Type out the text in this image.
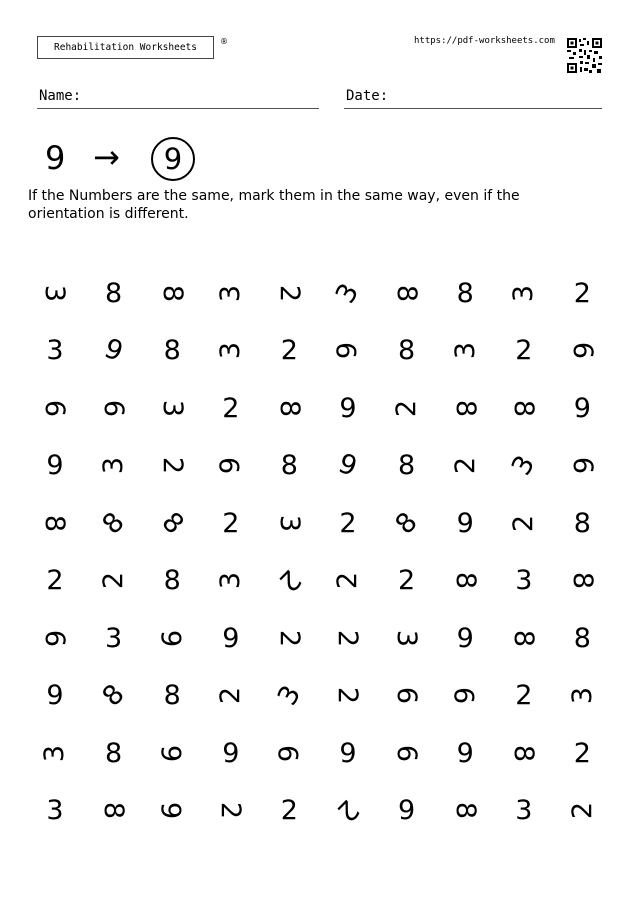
Rehabilitation Worksheets
®	https://pdf-worksheets.com
Name:	Date:
9 → 9
If the Numbers are the same, mark them in the same way, even if the orientation is different.
3 8 8 3 2 3 8 8 3 2
3 9 8 3 2 9 8 3 2 6
6 6 3 2 8 9 2 8 8 9
9 3 2 9 8 9 8 2 3 6
8 8 8 2 3 2 8 9 2 8
2 2 8 3 2 2 2 8 3 8
6 3 6 9 2 2 3 9 8 8
9 8 8 2 3 2 6 9 2 3
3 8 6 9 9 9 6 9 8 2
3 8 6 2 2 2 9 8 3 2
